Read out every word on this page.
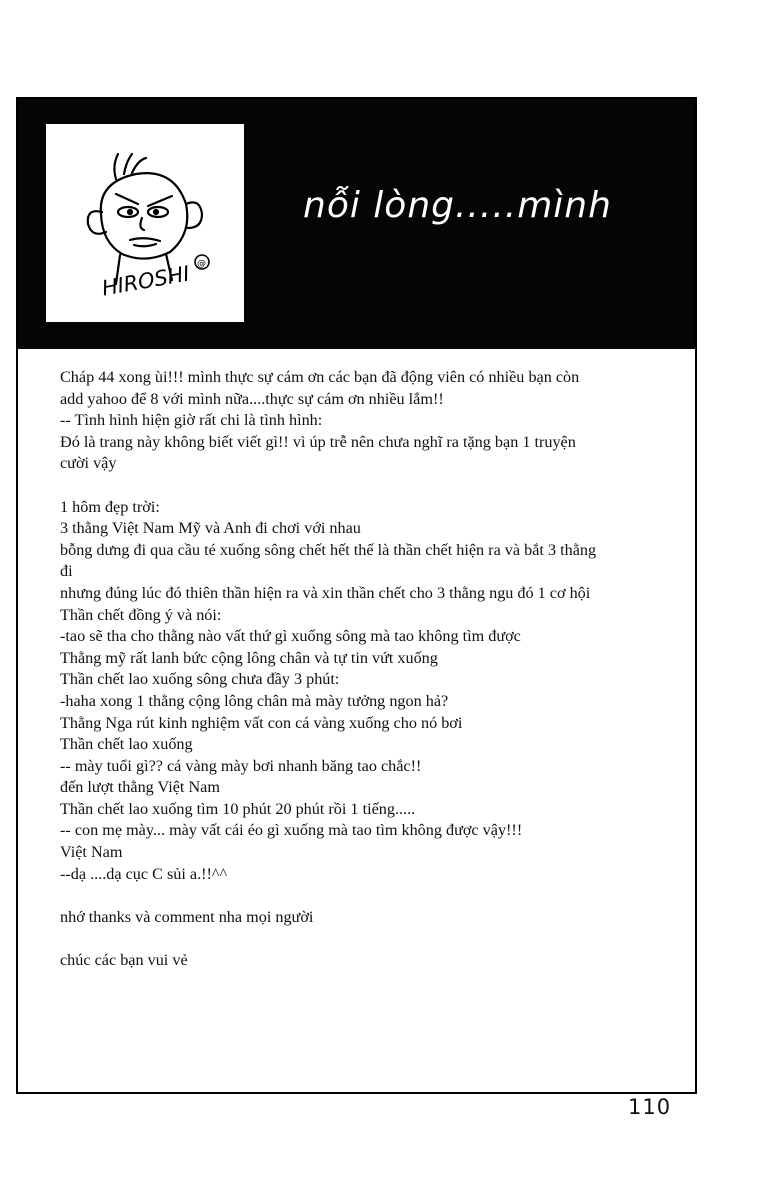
HIROSHI @
nỗi lòng.....mình

Cháp 44 xong ùi!!! mình thực sự cám ơn các bạn đã động viên có nhiều bạn còn
add yahoo để 8 với mình nữa....thực sự cám ơn nhiều lắm!!
-- Tình hình hiện giờ rất chi là tình hình:
Đó là trang này không biết viết gì!! vì úp trễ nên chưa nghĩ ra tặng bạn 1 truyện
cười vậy

1 hôm đẹp trời:
3 thằng Việt Nam Mỹ và Anh đi chơi với nhau
bỗng dưng đi qua cầu té xuống sông chết hết thế là thần chết hiện ra và bắt 3 thằng
đi
nhưng đúng lúc đó thiên thần hiện ra và xin thần chết cho 3 thằng ngu đó 1 cơ hội
Thần chết đồng ý và nói:
-tao sẽ tha cho thằng nào vất thứ gì xuống sông mà tao không tìm được
Thằng mỹ rất lanh bức cộng lông chân và tự tin vứt xuống
Thần chết lao xuống sông chưa đầy 3 phút:
-haha xong 1 thằng cộng lông chân mà mày tưởng ngon hả?
Thằng Nga rút kinh nghiệm vất con cá vàng xuống cho nó bơi
Thần chết lao xuống
-- mày tuổi gì?? cá vàng mày bơi nhanh băng tao chắc!!
đến lượt thằng Việt Nam
Thần chết lao xuống tìm 10 phút 20 phút rồi 1 tiếng.....
-- con mẹ mày... mày vất cái éo gì xuống mà tao tìm không được vậy!!!
Việt Nam
--dạ ....dạ cục C sủi a.!!^^

nhớ thanks và comment nha mọi người

chúc các bạn vui vẻ

110
